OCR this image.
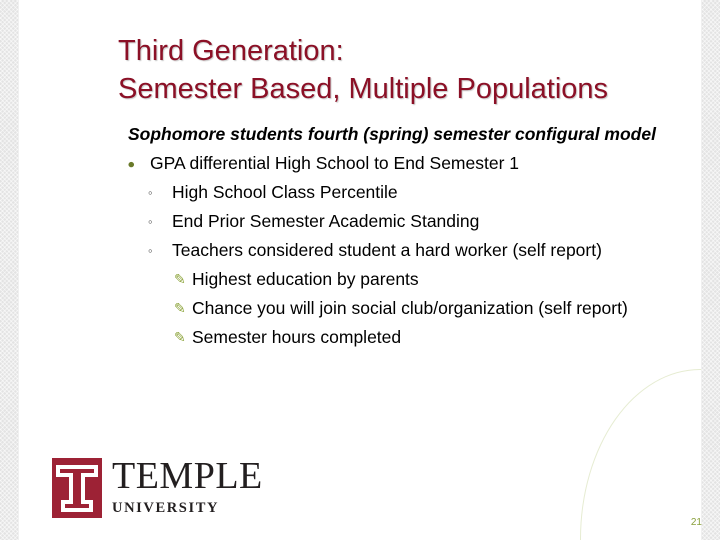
Third Generation:
Semester Based, Multiple Populations

Sophomore students fourth (spring) semester configural model

⦁ GPA differential High School to End Semester 1
◦ High School Class Percentile
◦ End Prior Semester Academic Standing
◦ Teachers considered student a hard worker (self report)
✎ Highest education by parents
✎ Chance you will join social club/organization (self report)
✎ Semester hours completed
TEMPLE
UNIVERSITY
21
